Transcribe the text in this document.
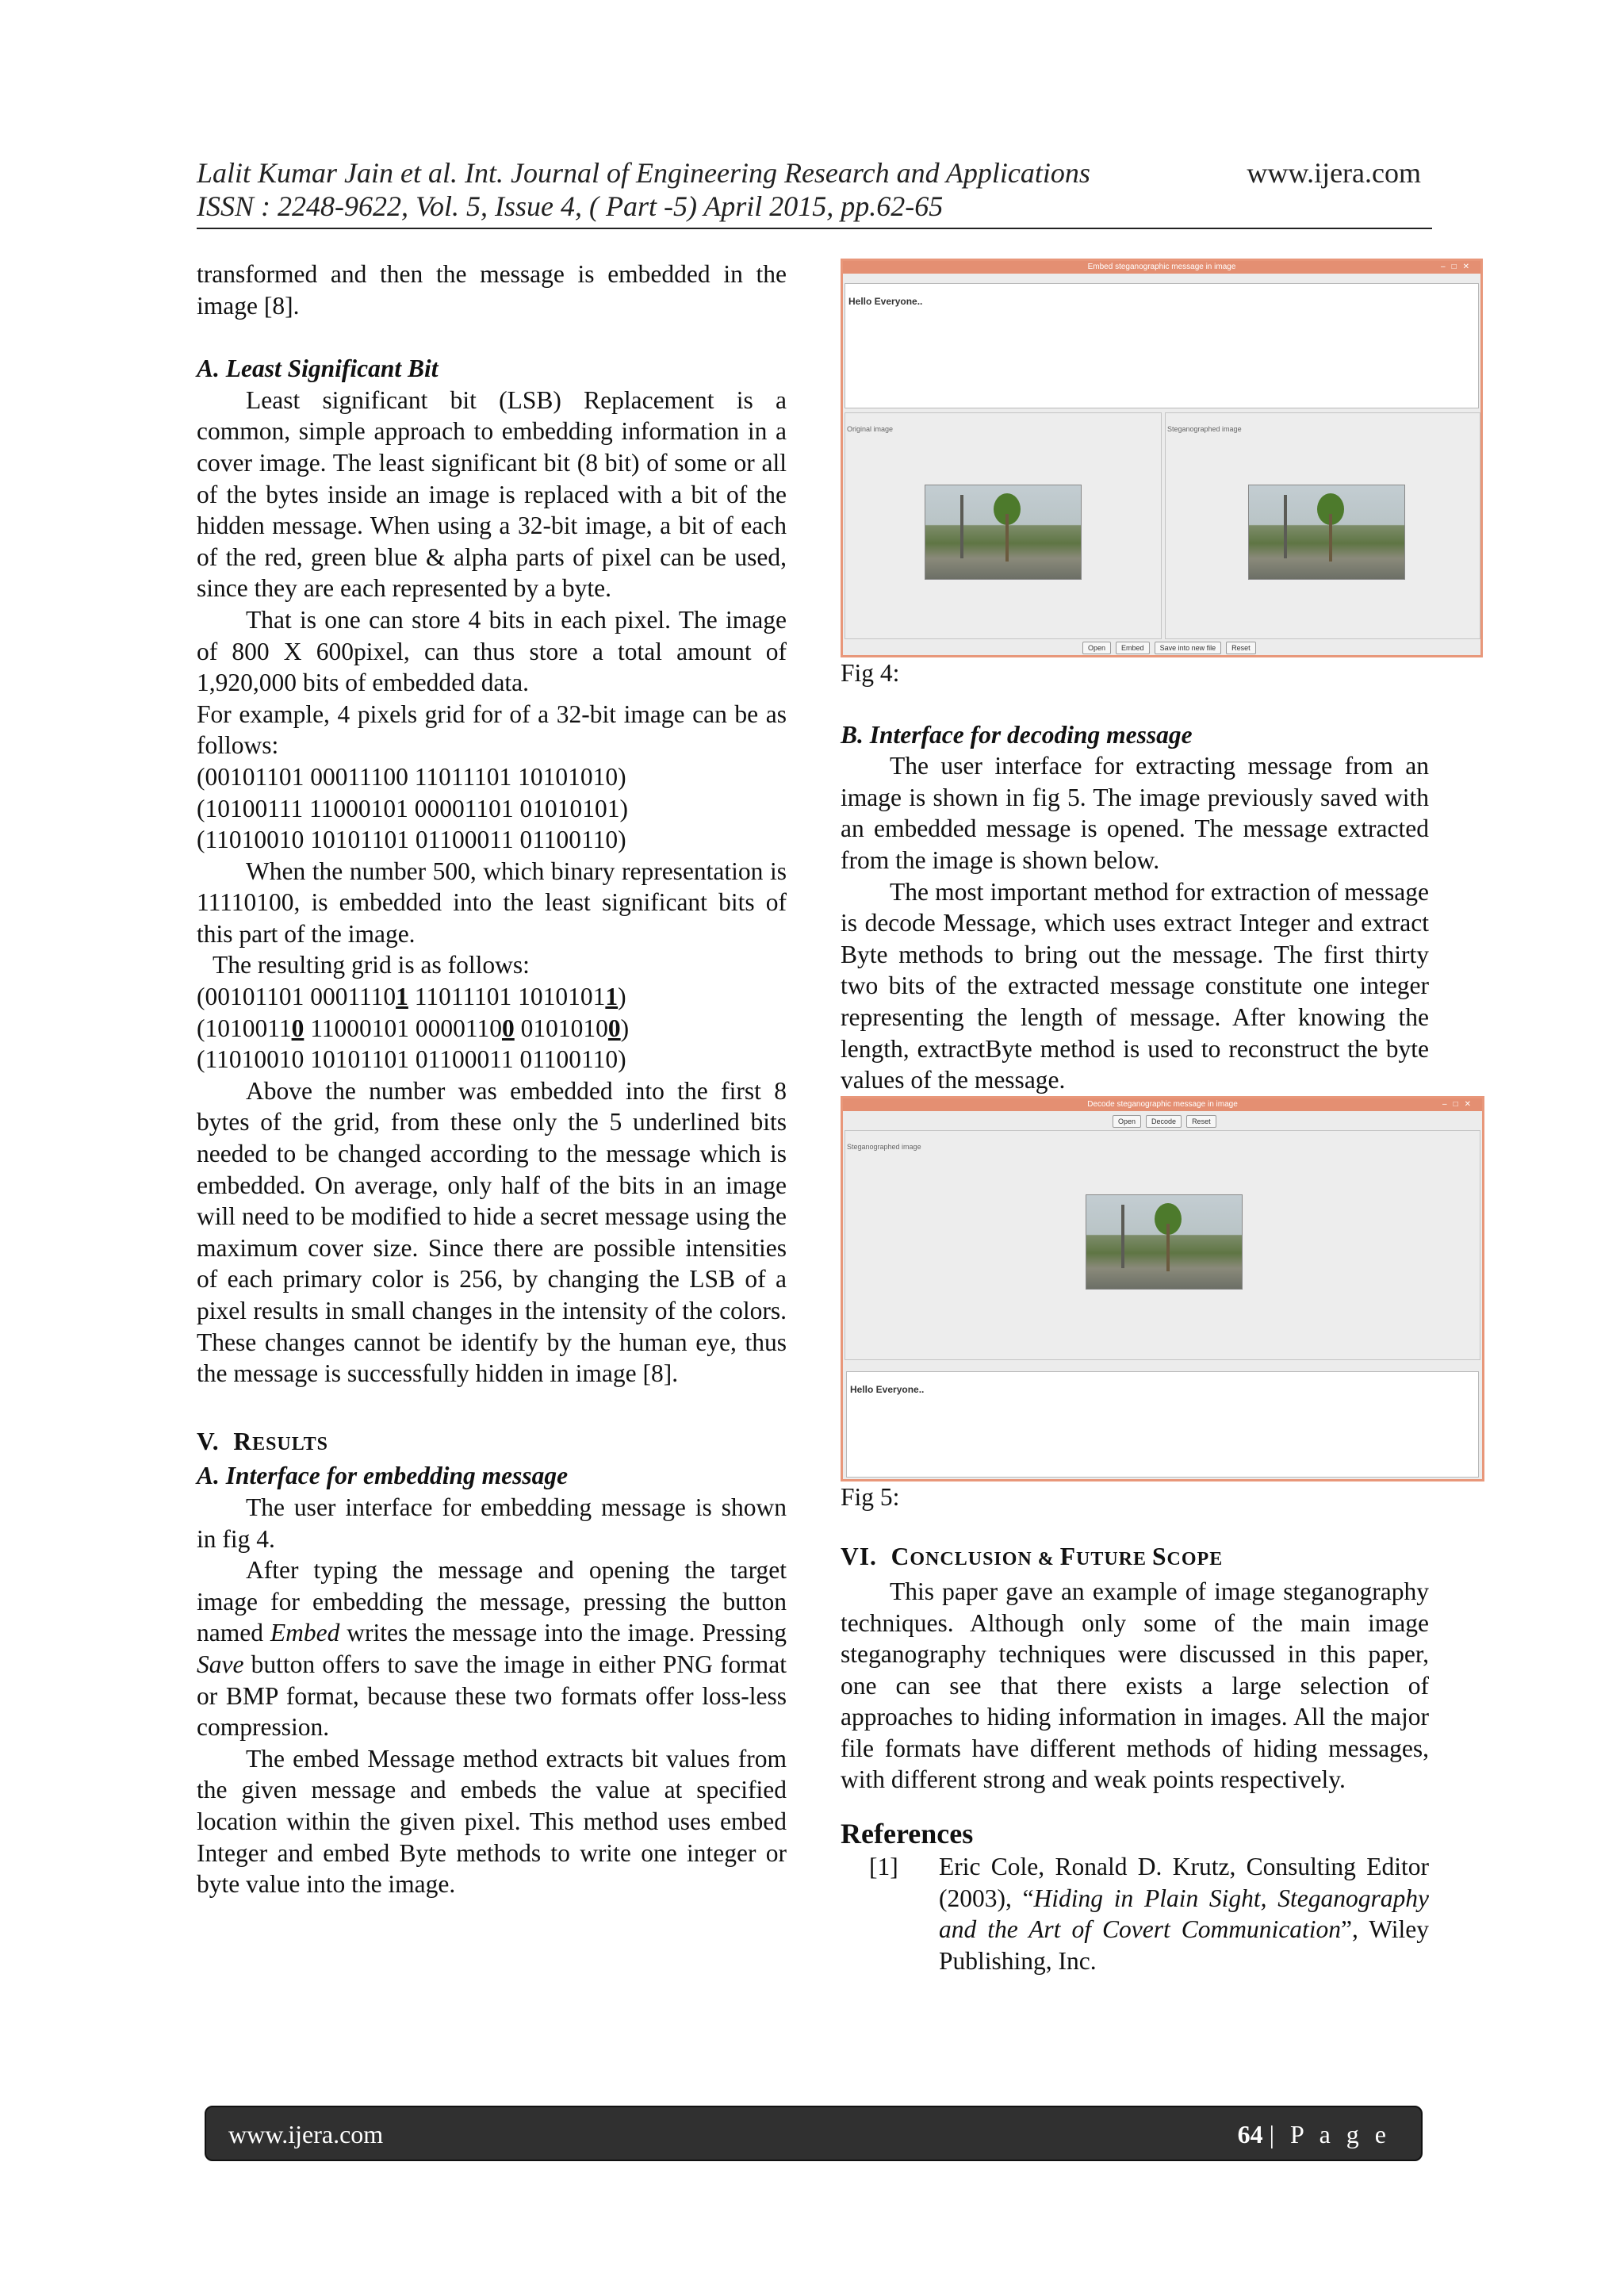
Lalit Kumar Jain et al. Int. Journal of Engineering Research and Applications
ISSN : 2248-9622, Vol. 5, Issue 4, ( Part -5) April 2015, pp.62-65
www.ijera.com

transformed and then the message is embedded in the image [8].

A. Least Significant Bit

Least significant bit (LSB) Replacement is a common, simple approach to embedding information in a cover image. The least significant bit (8 bit) of some or all of the bytes inside an image is replaced with a bit of the hidden message. When using a 32-bit image, a bit of each of the red, green blue & alpha parts of pixel can be used, since they are each represented by a byte.

That is one can store 4 bits in each pixel. The image of 800 X 600pixel, can thus store a total amount of 1,920,000 bits of embedded data.

For example, 4 pixels grid for of a 32-bit image can be as follows:

(00101101 00011100 11011101 10101010)
(10100111 11000101 00001101 01010101)
(11010010 10101101 01100011 01100110)

When the number 500, which binary representation is 11110100, is embedded into the least significant bits of this part of the image.

The resulting grid is as follows:

(00101101 00011101 11011101 10101011)
(10100110 11000101 00001100 01010100)
(11010010 10101101 01100011 01100110)

Above the number was embedded into the first 8 bytes of the grid, from these only the 5 underlined bits needed to be changed according to the message which is embedded. On average, only half of the bits in an image will need to be modified to hide a secret message using the maximum cover size. Since there are possible intensities of each primary color is 256, by changing the LSB of a pixel results in small changes in the intensity of the colors. These changes cannot be identify by the human eye, thus the message is successfully hidden in image [8].

V. RESULTS

A. Interface for embedding message

The user interface for embedding message is shown in fig 4.

After typing the message and opening the target image for embedding the message, pressing the button named Embed writes the message into the image. Pressing Save button offers to save the image in either PNG format or BMP format, because these two formats offer loss-less compression.

The embed Message method extracts bit values from the given message and embeds the value at specified location within the given pixel. This method uses embed Integer and embed Byte methods to write one integer or byte value into the image.

Embed steganographic message in image	–□✕
Hello Everyone..
Original image	Steganographed image
Open	Embed	Save into new file	Reset

Fig 4:

B. Interface for decoding message

The user interface for extracting message from an image is shown in fig 5. The image previously saved with an embedded message is opened. The message extracted from the image is shown below.

The most important method for extraction of message is decode Message, which uses extract Integer and extract Byte methods to bring out the message. The first thirty two bits of the extracted message constitute one integer representing the length of message. After knowing the length, extractByte method is used to reconstruct the byte values of the message.

Decode steganographic message in image	–□✕
Open	Decode	Reset
Steganographed image
Hello Everyone..

Fig 5:

VI. CONCLUSION & FUTURE SCOPE

This paper gave an example of image steganography techniques. Although only some of the main image steganography techniques were discussed in this paper, one can see that there exists a large selection of approaches to hiding information in images. All the major file formats have different methods of hiding messages, with different strong and weak points respectively.

References

[1] Eric Cole, Ronald D. Krutz, Consulting Editor (2003), “Hiding in Plain Sight, Steganography and the Art of Covert Communication”, Wiley Publishing, Inc.

www.ijera.com	64 | P a g e
